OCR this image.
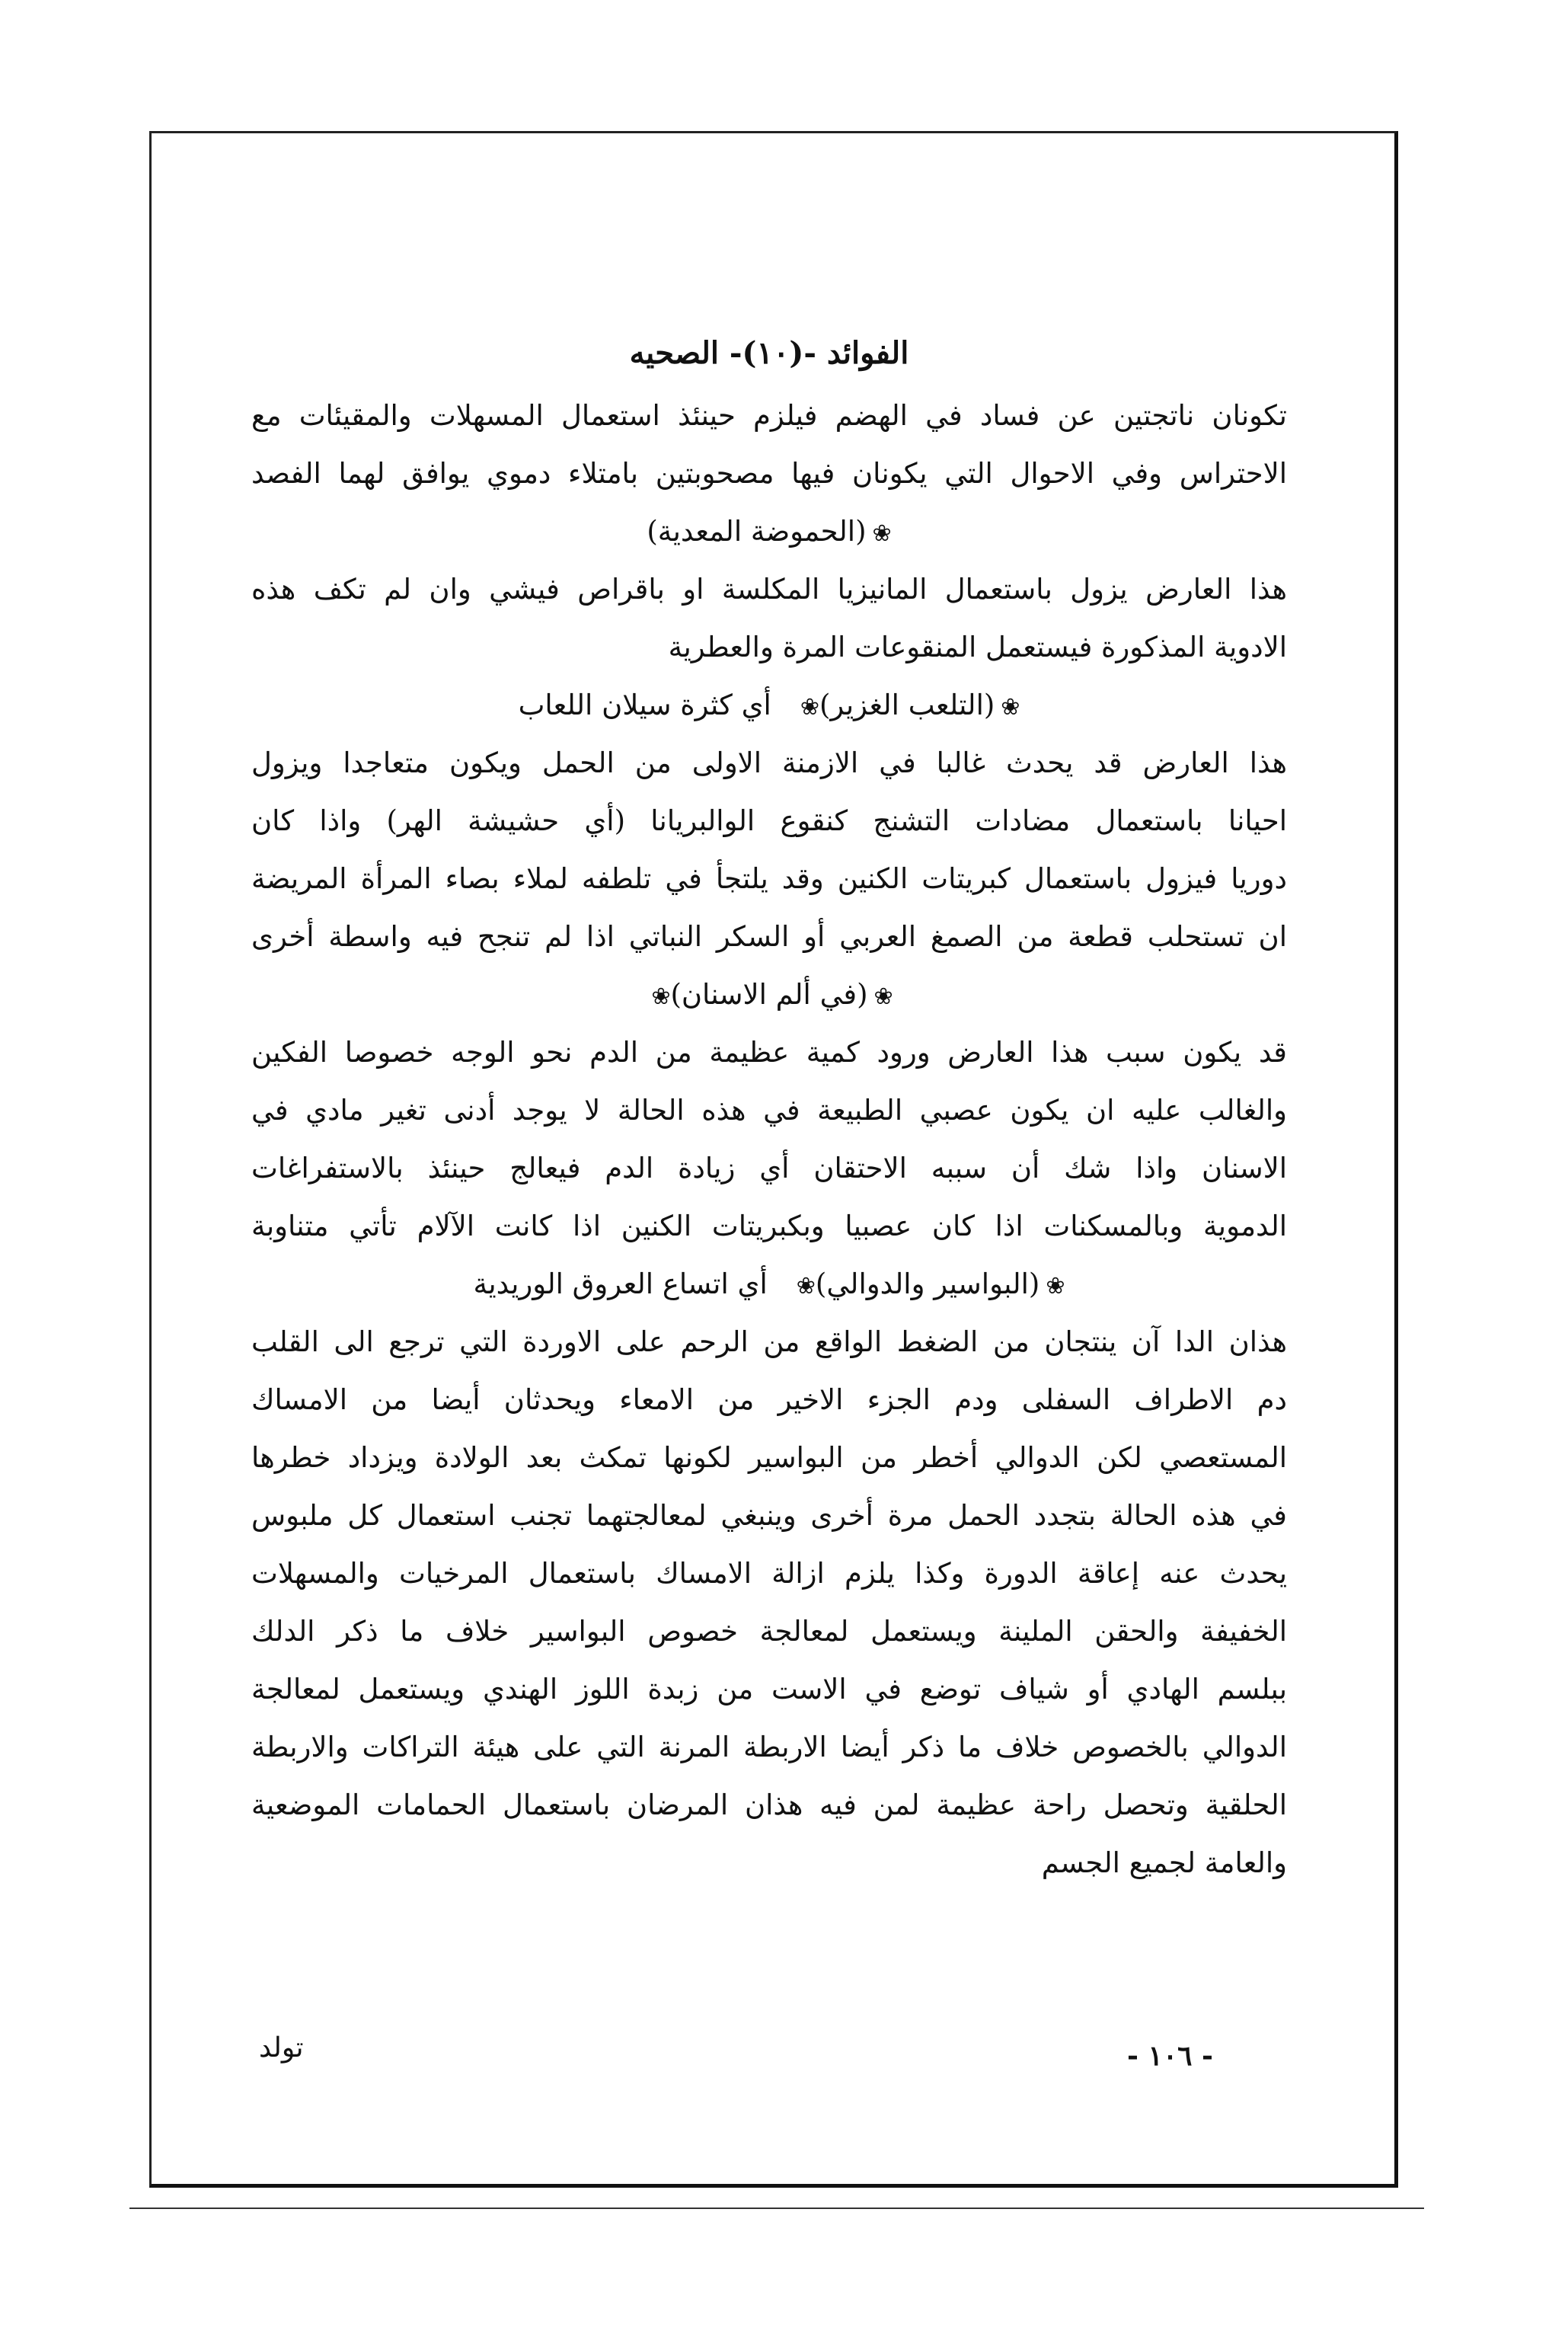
الفوائد -(١٠)- الصحيه
تكونان ناتجتين عن فساد في الهضم فيلزم حينئذ استعمال المسهلات والمقيئات مع
الاحتراس وفي الاحوال التي يكونان فيها مصحوبتين بامتلاء دموي يوافق لهما الفصد
❀(الحموضة المعدية)
هذا العارض يزول باستعمال المانيزيا المكلسة او باقراص فيشي وان لم تكف هذه
الادوية المذكورة فيستعمل المنقوعات المرة والعطرية
❀(التلعب الغزير)❀أي كثرة سيلان اللعاب
هذا العارض قد يحدث غالبا في الازمنة الاولى من الحمل ويكون متعاجدا ويزول
احيانا باستعمال مضادات التشنج كنقوع الوالبريانا (أي حشيشة الهر) واذا كان
دوريا فيزول باستعمال كبريتات الكنين وقد يلتجأ في تلطفه لملاء بصاء المرأة المريضة
ان تستحلب قطعة من الصمغ العربي أو السكر النباتي اذا لم تنجح فيه واسطة أخرى
❀(في ألم الاسنان)❀
قد يكون سبب هذا العارض ورود كمية عظيمة من الدم نحو الوجه خصوصا الفكين
والغالب عليه ان يكون عصبي الطبيعة في هذه الحالة لا يوجد أدنى تغير مادي في
الاسنان واذا شك أن سببه الاحتقان أي زيادة الدم فيعالج حينئذ بالاستفراغات
الدموية وبالمسكنات اذا كان عصبيا وبكبريتات الكنين اذا كانت الآلام تأتي متناوبة
❀(البواسير والدوالي)❀أي اتساع العروق الوريدية
هذان الدا آن ينتجان من الضغط الواقع من الرحم على الاوردة التي ترجع الى القلب
دم الاطراف السفلى ودم الجزء الاخير من الامعاء ويحدثان أيضا من الامساك
المستعصي لكن الدوالي أخطر من البواسير لكونها تمكث بعد الولادة ويزداد خطرها
في هذه الحالة بتجدد الحمل مرة أخرى وينبغي لمعالجتهما تجنب استعمال كل ملبوس
يحدث عنه إعاقة الدورة وكذا يلزم ازالة الامساك باستعمال المرخيات والمسهلات
الخفيفة والحقن الملينة ويستعمل لمعالجة خصوص البواسير خلاف ما ذكر الدلك
ببلسم الهادي أو شياف توضع في الاست من زبدة اللوز الهندي ويستعمل لمعالجة
الدوالي بالخصوص خلاف ما ذكر أيضا الاربطة المرنة التي على هيئة التراكات والاربطة
الحلقية وتحصل راحة عظيمة لمن فيه هذان المرضان باستعمال الحمامات الموضعية
والعامة لجميع الجسم
تولد	- ١٠٦ -
